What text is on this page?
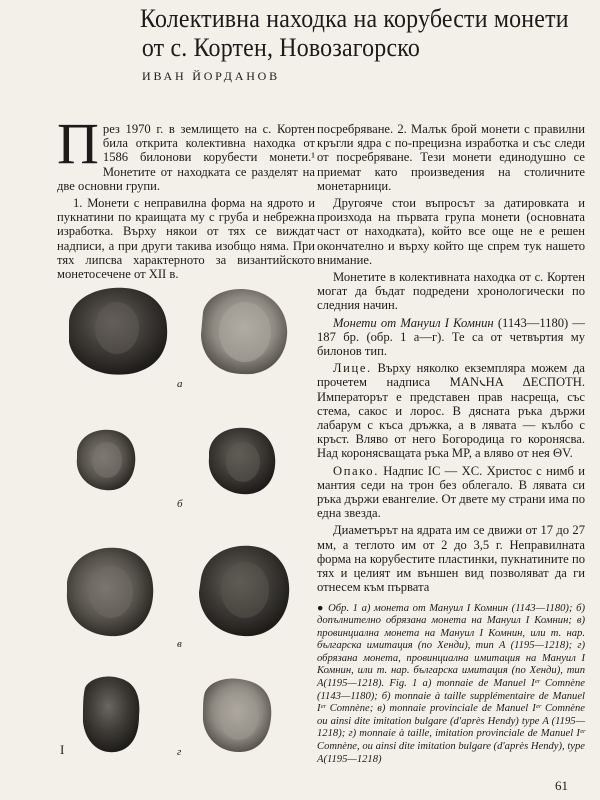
Колективна находка на корубести монети
от с. Кортен, Новозагорско
ИВАН ЙОРДАНОВ

През 1970 г. в землището на с. Кортен била открита колективна находка от 1586 билонови корубести монети.¹ Монетите от находката се разделят на две основни групи.

1. Монети с неправилна форма на ядрото и пукнатини по краищата му с груба и небрежна изработка. Върху някои от тях се виждат надписи, а при други такива изобщо няма. При тях липсва характерното за византийското монетосечене от XII в.

а
б
в
г
I

посребряване. 2. Малък брой монети с правилни кръгли ядра с по-прецизна изработка и със следи от посребряване. Тези монети единодушно се приемат като произведения на столичните монетарници.

Другояче стои въпросът за датировката и произхода на първата група монети (основната част от находката), който все още не е решен окончателно и върху който ще спрем тук нашето внимание.

Монетите в колективната находка от с. Кортен могат да бъдат подредени хронологически по следния начин.

Монети от Мануил I Комнин (1143—1180) — 187 бр. (обр. 1 а—г). Те са от четвъртия му билонов тип.

Лице. Върху няколко екземпляра можем да прочетем надписа MAN𐅹HA ΔECΠOTH. Императорът е представен прав насреща, със стема, сакос и лорос. В дясната ръка държи лабарум с къса дръжка, а в лявата — кълбо с кръст. Вляво от него Богородица го коронясва. Над коронясващата ръка ΜΡ, а вляво от нея ΘV.

Опако. Надпис IC — XC. Христос с нимб и мантия седи на трон без облегало. В лявата си ръка държи евангелие. От двете му страни има по една звезда.

Диаметърът на ядрата им се движи от 17 до 27 мм, а теглото им от 2 до 3,5 г. Неправилната форма на корубестите пластинки, пукнатините по тях и целият им външен вид позволяват да ги отнесем към първата

● Обр. 1 а) монета от Мануил I Комнин (1143—1180); б) допълнително обрязана монета на Мануил I Комнин; в) провинциална монета на Мануил I Комнин, или т. нар. българска имитация (по Хенди), тип А (1195—1218); г) обрязана монета, провинциална имитация на Мануил I Комнин, или т. нар. българска имитация (по Хенди), тип А(1195—1218). Fig. 1 a) monnaie de Manuel Iᵉʳ Comnène (1143—1180); б) monnaie à taille supplémentaire de Manuel Iᵉʳ Comnène; в) monnaie provinciale de Manuel Iᵉʳ Comnène ou ainsi dite imitation bulgare (d'après Hendy) type A (1195—1218); г) monnaie à taille, imitation provinciale de Manuel Iᵉʳ Comnène, ou ainsi dite imitation bulgare (d'après Hendy), type A(1195—1218)
61
